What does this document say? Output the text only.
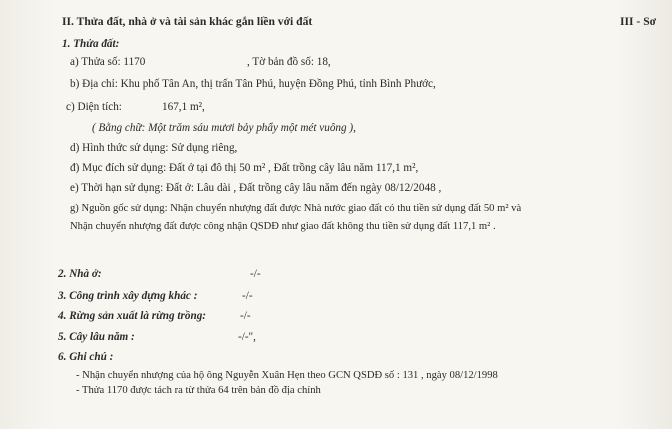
II. Thửa đất, nhà ở và tài sản khác gắn liền với đất	III - Sơ
1. Thửa đất:
a) Thửa số: 1170	, Tờ bản đồ số: 18,
b) Địa chỉ: Khu phố Tân An, thị trấn Tân Phú, huyện Đồng Phú, tỉnh Bình Phước,
c) Diện tích:	167,1 m²,
( Bằng chữ: Một trăm sáu mươi bảy phẩy một mét vuông ),
d) Hình thức sử dụng: Sử dụng riêng,
đ) Mục đích sử dụng: Đất ở tại đô thị 50 m² , Đất trồng cây lâu năm 117,1 m²,
e) Thời hạn sử dụng: Đất ở: Lâu dài , Đất trồng cây lâu năm đến ngày 08/12/2048 ,
g) Nguồn gốc sử dụng: Nhận chuyển nhượng đất được Nhà nước giao đất có thu tiền sử dụng đất 50 m² và
Nhận chuyển nhượng đất được công nhận QSDĐ như giao đất không thu tiền sử dụng đất 117,1 m² .
2. Nhà ở:	-/-
3. Công trình xây dựng khác :	-/-
4. Rừng sản xuất là rừng trồng:	-/-
5. Cây lâu năm :	-/-",
6. Ghi chú :
- Nhận chuyển nhượng của hộ ông Nguyễn Xuân Hẹn theo GCN QSDĐ số : 131 , ngày 08/12/1998
- Thửa 1170 được tách ra từ thửa 64 trên bản đồ địa chính
